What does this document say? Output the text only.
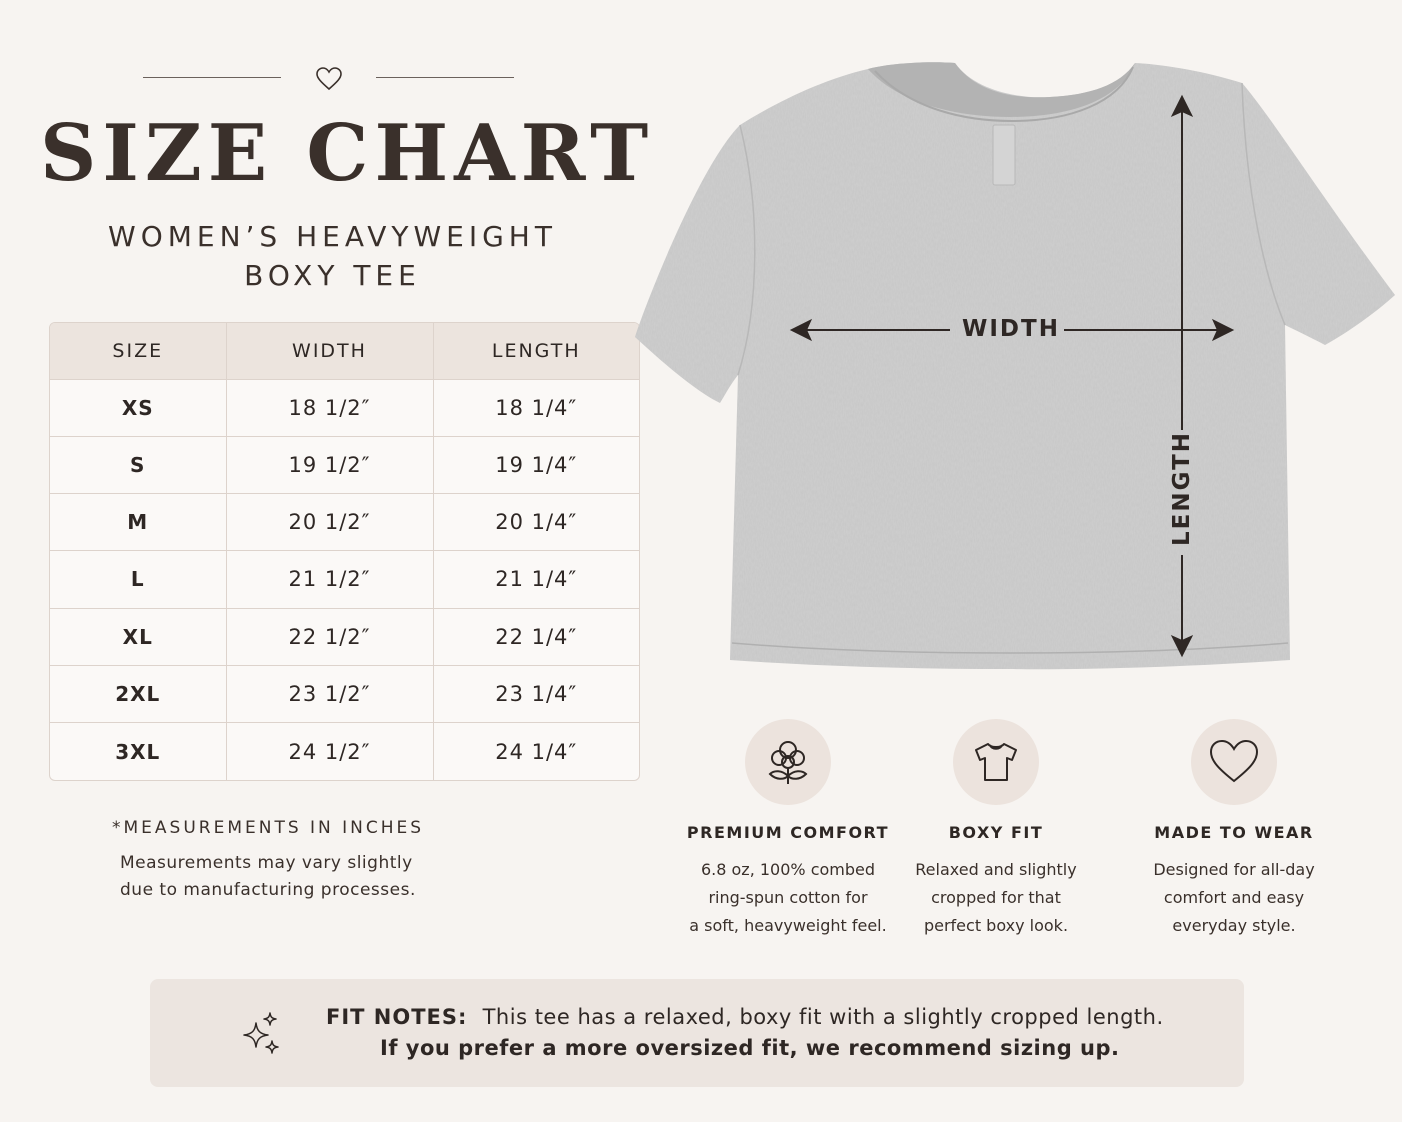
SIZE CHART
WOMEN’S HEAVYWEIGHT
BOXY TEE
SIZE	WIDTH	LENGTH
XS	18 1/2″	18 1/4″
S	19 1/2″	19 1/4″
M	20 1/2″	20 1/4″
L	21 1/2″	21 1/4″
XL	22 1/2″	22 1/4″
2XL	23 1/2″	23 1/4″
3XL	24 1/2″	24 1/4″
*MEASUREMENTS IN INCHES
Measurements may vary slightly
due to manufacturing processes.
WIDTH
LENGTH
PREMIUM COMFORT
6.8 oz, 100% combed
ring-spun cotton for
a soft, heavyweight feel.
BOXY FIT
Relaxed and slightly
cropped for that
perfect boxy look.
MADE TO WEAR
Designed for all-day
comfort and easy
everyday style.
FIT NOTES: This tee has a relaxed, boxy fit with a slightly cropped length.
If you prefer a more oversized fit, we recommend sizing up.
